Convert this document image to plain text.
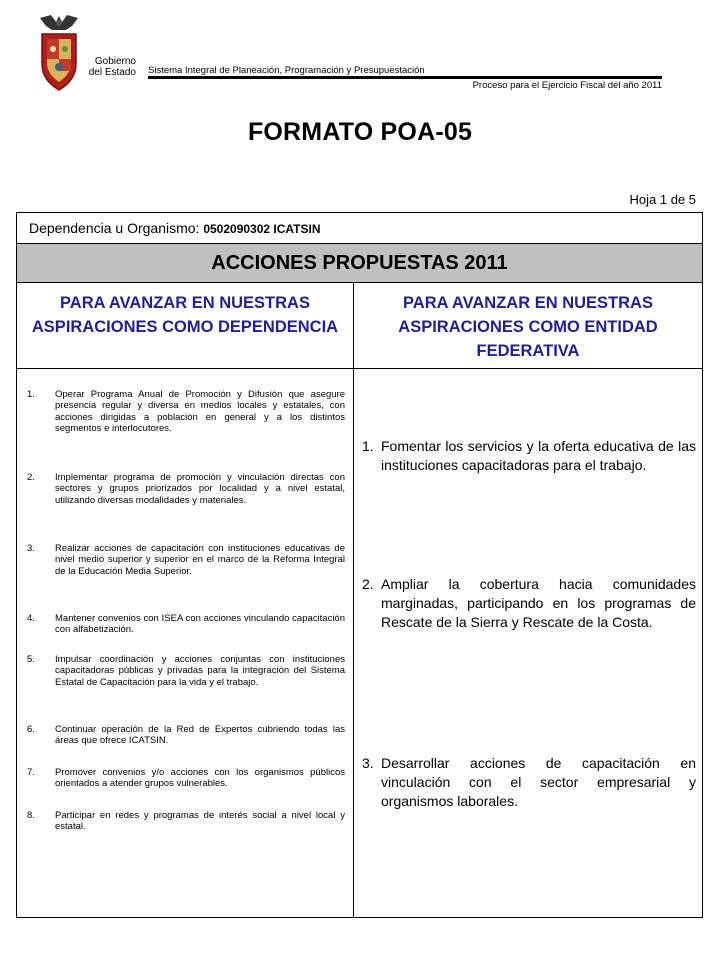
Gobierno
del Estado Sistema Integral de Planeación, Programación y Presupuestación
Proceso para el Ejercicio Fiscal del año 2011
FORMATO POA-05
Hoja 1 de 5
Dependencia u Organismo: 0502090302 ICATSIN
ACCIONES PROPUESTAS 2011
PARA AVANZAR EN NUESTRAS ASPIRACIONES COMO DEPENDENCIA
PARA AVANZAR EN NUESTRAS ASPIRACIONES COMO ENTIDAD FEDERATIVA
1. Operar Programa Anual de Promoción y Difusión que asegure presencia regular y diversa en medios locales y estatales, con acciones dirigidas a población en general y a los distintos segmentos e interlocutores.
2. Implementar programa de promoción y vinculación directas con sectores y grupos priorizados por localidad y a nivel estatal, utilizando diversas modalidades y materiales.
3. Realizar acciones de capacitación con instituciones educativas de nivel medio superior y superior en el marco de la Reforma Integral de la Educación Media Superior.
4. Mantener convenios con ISEA con acciones vinculando capacitación con alfabetización.
5. Impulsar coordinación y acciones conjuntas con instituciones capacitadoras públicas y privadas para la integración del Sistema Estatal de Capacitación para la vida y el trabajo.
6. Continuar operación de la Red de Expertos cubriendo todas las áreas que ofrece ICATSIN.
7. Promover convenios y/o acciones con los organismos públicos orientados a atender grupos vulnerables.
8. Participar en redes y programas de interés social a nivel local y estatal.
1. Fomentar los servicios y la oferta educativa de las instituciones capacitadoras para el trabajo.
2. Ampliar la cobertura hacia comunidades marginadas, participando en los programas de Rescate de la Sierra y Rescate de la Costa.
3. Desarrollar acciones de capacitación en vinculación con el sector empresarial y organismos laborales.
